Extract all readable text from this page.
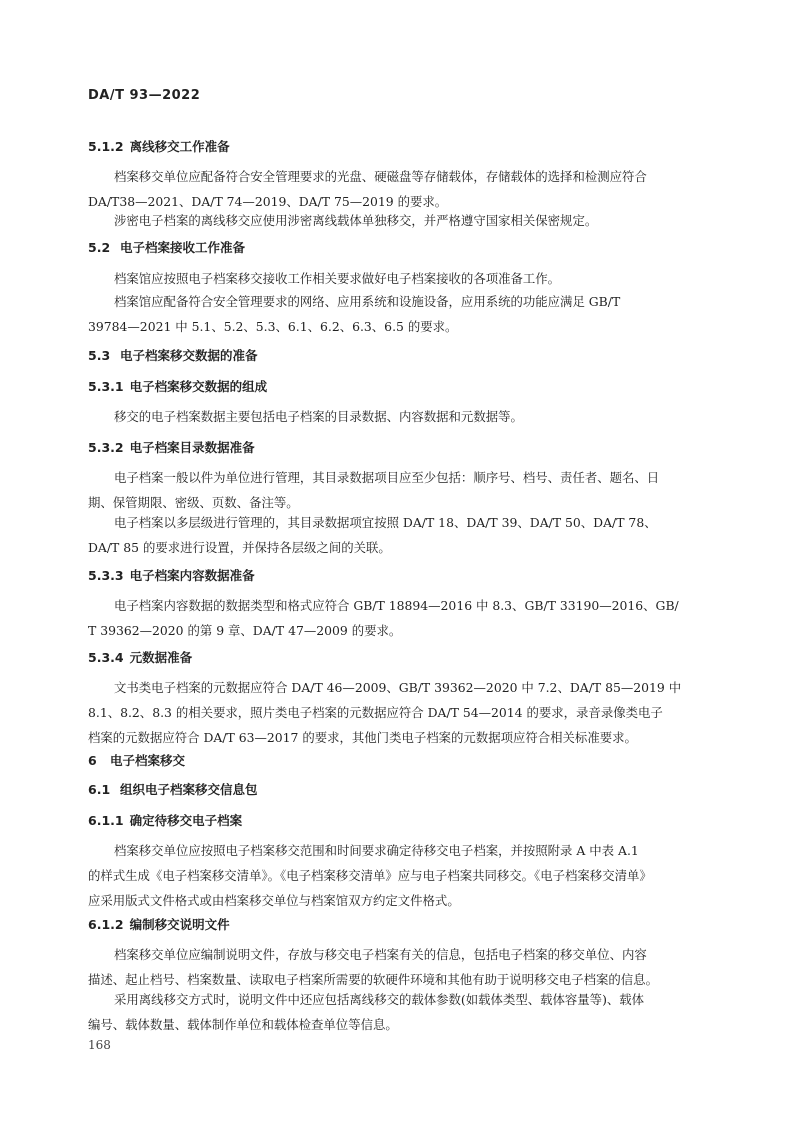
DA/T 93—2022
5.1.2 离线移交工作准备
档案移交单位应配备符合安全管理要求的光盘、硬磁盘等存储载体，存储载体的选择和检测应符合
DA/T38—2021、DA/T 74—2019、DA/T 75—2019 的要求。
涉密电子档案的离线移交应使用涉密离线载体单独移交，并严格遵守国家相关保密规定。
5.2 电子档案接收工作准备
档案馆应按照电子档案移交接收工作相关要求做好电子档案接收的各项准备工作。
档案馆应配备符合安全管理要求的网络、应用系统和设施设备，应用系统的功能应满足 GB/T
39784—2021 中 5.1、5.2、5.3、6.1、6.2、6.3、6.5 的要求。
5.3 电子档案移交数据的准备
5.3.1 电子档案移交数据的组成
移交的电子档案数据主要包括电子档案的目录数据、内容数据和元数据等。
5.3.2 电子档案目录数据准备
电子档案一般以件为单位进行管理，其目录数据项目应至少包括：顺序号、档号、责任者、题名、日
期、保管期限、密级、页数、备注等。
电子档案以多层级进行管理的，其目录数据项宜按照 DA/T 18、DA/T 39、DA/T 50、DA/T 78、
DA/T 85 的要求进行设置，并保持各层级之间的关联。
5.3.3 电子档案内容数据准备
电子档案内容数据的数据类型和格式应符合 GB/T 18894—2016 中 8.3、GB/T 33190—2016、GB/
T 39362—2020 的第 9 章、DA/T 47—2009 的要求。
5.3.4 元数据准备
文书类电子档案的元数据应符合 DA/T 46—2009、GB/T 39362—2020 中 7.2、DA/T 85—2019 中
8.1、8.2、8.3 的相关要求，照片类电子档案的元数据应符合 DA/T 54—2014 的要求，录音录像类电子
档案的元数据应符合 DA/T 63—2017 的要求，其他门类电子档案的元数据项应符合相关标准要求。
6 电子档案移交
6.1 组织电子档案移交信息包
6.1.1 确定待移交电子档案
档案移交单位应按照电子档案移交范围和时间要求确定待移交电子档案，并按照附录 A 中表 A.1
的样式生成《电子档案移交清单》。《电子档案移交清单》应与电子档案共同移交。《电子档案移交清单》
应采用版式文件格式或由档案移交单位与档案馆双方约定文件格式。
6.1.2 编制移交说明文件
档案移交单位应编制说明文件，存放与移交电子档案有关的信息，包括电子档案的移交单位、内容
描述、起止档号、档案数量、读取电子档案所需要的软硬件环境和其他有助于说明移交电子档案的信息。
采用离线移交方式时，说明文件中还应包括离线移交的载体参数(如载体类型、载体容量等)、载体
编号、载体数量、载体制作单位和载体检查单位等信息。
168
